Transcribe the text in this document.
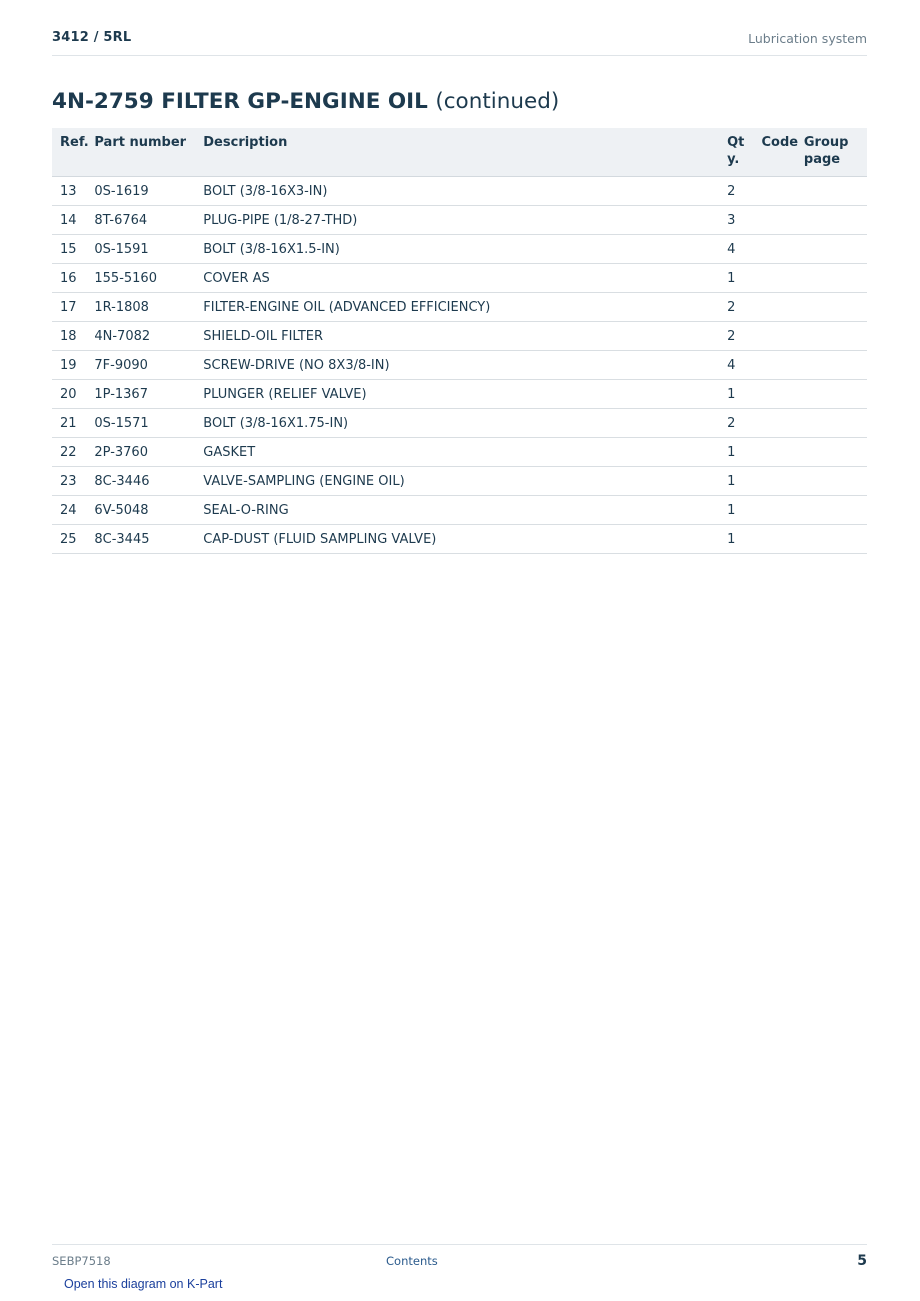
3412 / 5RL	Lubrication system
4N-2759 FILTER GP-ENGINE OIL (continued)
Ref.	Part number	Description	Qty.	Code	Group page
13	0S-1619	BOLT (3/8-16X3-IN)	2		
14	8T-6764	PLUG-PIPE (1/8-27-THD)	3		
15	0S-1591	BOLT (3/8-16X1.5-IN)	4		
16	155-5160	COVER AS	1		
17	1R-1808	FILTER-ENGINE OIL (ADVANCED EFFICIENCY)	2		
18	4N-7082	SHIELD-OIL FILTER	2		
19	7F-9090	SCREW-DRIVE (NO 8X3/8-IN)	4		
20	1P-1367	PLUNGER (RELIEF VALVE)	1		
21	0S-1571	BOLT (3/8-16X1.75-IN)	2		
22	2P-3760	GASKET	1		
23	8C-3446	VALVE-SAMPLING (ENGINE OIL)	1		
24	6V-5048	SEAL-O-RING	1		
25	8C-3445	CAP-DUST (FLUID SAMPLING VALVE)	1		
SEBP7518	Contents	5
Open this diagram on K-Part
